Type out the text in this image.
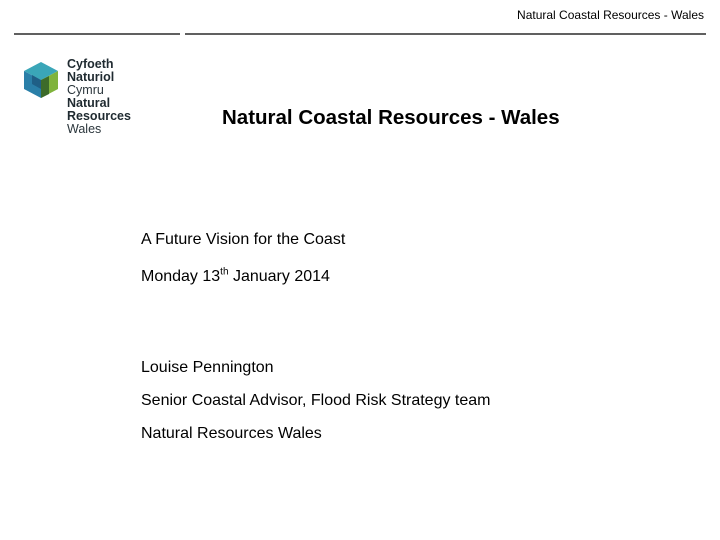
Natural Coastal Resources - Wales
Cyfoeth
Naturiol
Cymru
Natural
Resources
Wales	Natural Coastal Resources - Wales
A Future Vision for the Coast
Monday 13th January 2014
Louise Pennington
Senior Coastal Advisor, Flood Risk Strategy team
Natural Resources Wales
